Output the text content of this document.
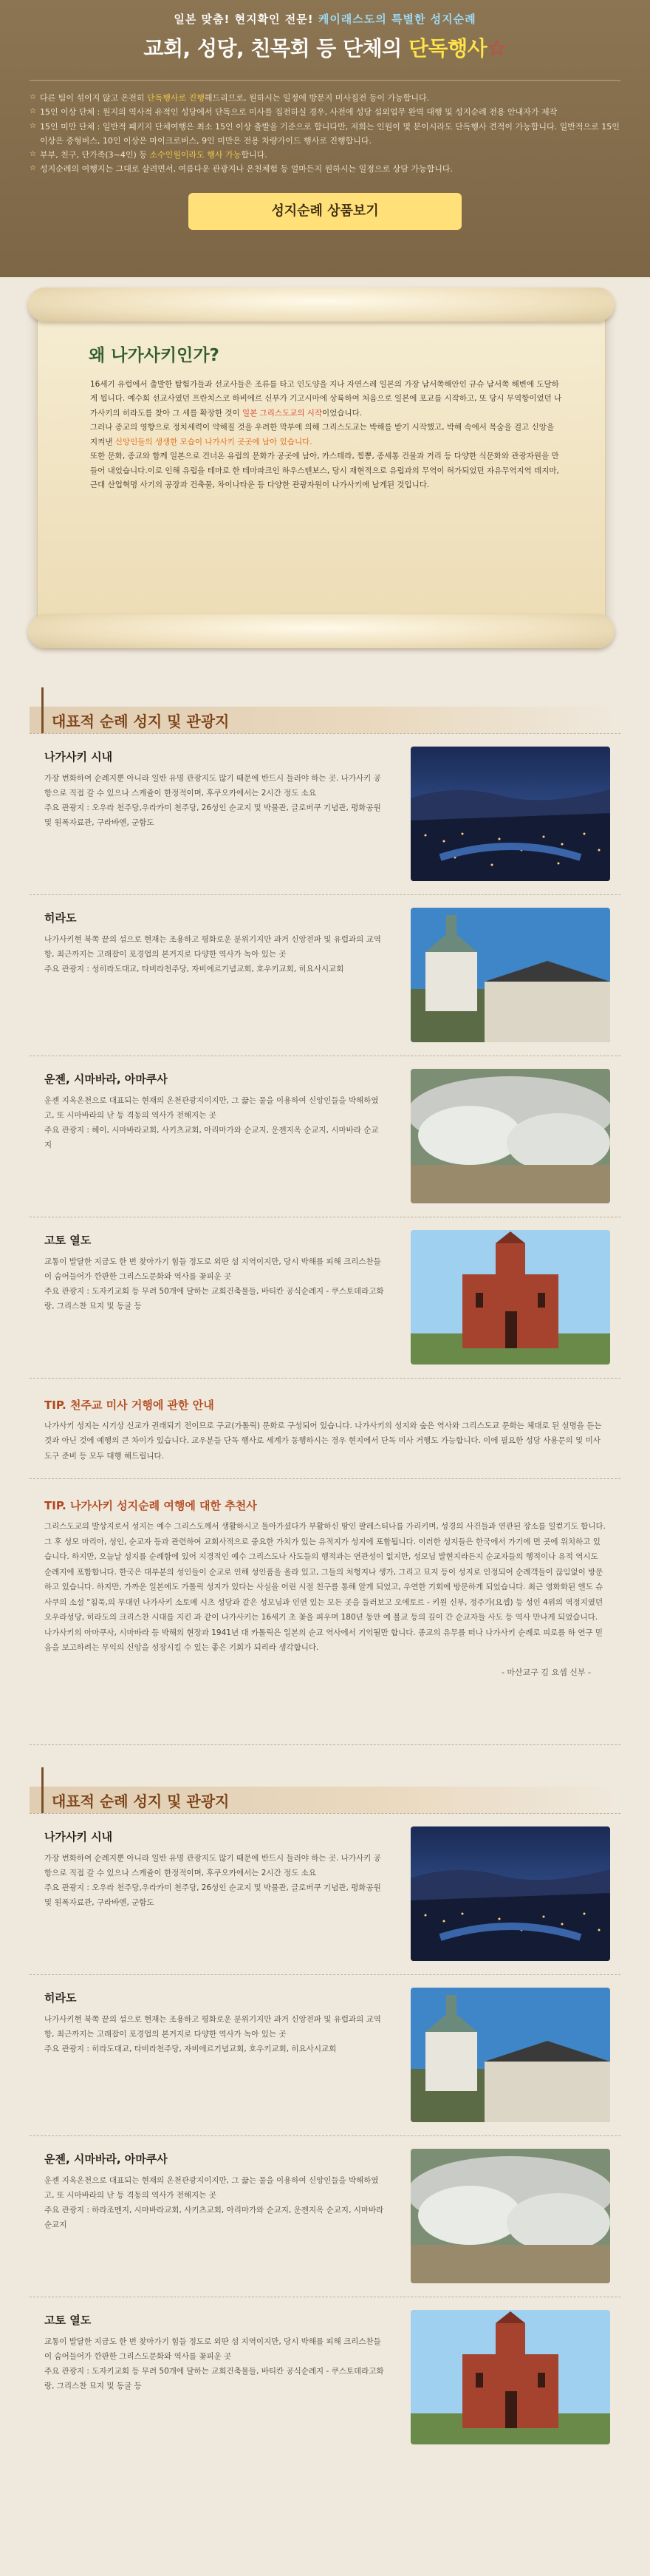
일본 맞춤! 현지확인 전문! 케이래스도의 특별한 성지순례
교회, 성당, 친목회 등 단체의 단독행사☆
☆ 다른 팀이 섞이지 않고 온전히 단독행사로 진행해드리므로, 원하시는 일정에 방문지 미사집전 등이 가능합니다.
☆ 15인 이상 단체 : 원지의 역사적 유적인 성당에서 단독으로 미사를 집전하실 경우, 사전에 성당 섭외업무 완벽 대행 및 성지순례 전용 안내자가 제작
☆ 15인 미만 단체 : 일반적 패키지 단체여행은 최소 15인 이상 출발을 기준으로 합니다만, 저희는 인원이 몇 분이시라도 단독행사 견적이 가능합니다. 일반적으로 15인 이상은 중형버스, 10인 이상은 마이크로버스, 9인 미만은 전용 차량가이드 행사로 진행합니다.
☆ 부부, 친구, 단가족(3~4인) 등 소수인원이라도 행사 가능합니다.
☆ 성지순례의 여행지는 그대로 살려면서, 여름다운 관광지나 온천체험 등 얼마든지 원하시는 일정으로 상담 가능합니다.
성지순례 상품보기
왜 나가사키인가?

16세기 유럽에서 출발한 탐험가들과 선교사들은 조류를 타고 인도양을 지나 자연스레 일본의 가장 남서쪽해안인 규슈 남서쪽 해변에 도달하게 됩니다. 예수회 선교사였던 프란치스코 하비에르 신부가 기고시마에 상륙하여 처음으로 일본에 포교를 시작하고, 또 당시 무역항이었던 나가사키의 히라도를 찾아 그 세를 확장한 것이 일본 그리스도교의 시작이었습니다.

그러나 종교의 영향으로 정치세력이 약해질 것을 우려한 막부에 의해 그리스도교는 박해를 받기 시작했고, 박해 속에서 목숨을 걸고 신앙을 지켜낸 신앙인들의 생생한 모습이 나가사키 곳곳에 남아 있습니다.

또한 문화, 종교와 함께 일본으로 건너온 유럽의 문화가 공곳에 남아, 카스테라, 찜뽕, 종세통 건물과 거리 등 다양한 식문화와 관광자원을 만들어 내었습니다.이로 인해 유럽을 테마로 한 테마파크인 하우스텐보스, 당시 재현적으로 유럽과의 무역이 허가되었던 자유무역지역 데지마, 근대 산업혁명 사기의 공장과 건축물, 차이나타운 등 다양한 관광자원이 나가사키에 남게된 것입니다.

대표적 순례 성지 및 관광지
나가사키 시내
가장 번화하여 순례지뿐 아니라 일반 유명 관광지도 많기 때문에 반드시 들러야 하는 곳. 나가사키 공항으로 직접 갈 수 있으나 스케쥴이 한정적이며, 후쿠오카에서는 2시간 정도 소요
주요 관광지 : 오우라 천주당,우라카미 천주당, 26성인 순교지 및 박물관, 글로버쿠 기념관, 평화공원 및 원폭자료관, 구라바엔, 군함도
히라도
나가사키현 북쪽 끝의 섬으로 현재는 조용하고 평화로운 분위기지만 과거 신앙전파 및 유럽과의 교역항, 최근까지는 고래잡이 포경업의 본거지로 다양한 역사가 녹아 있는 곳
주요 관광지 : 성히라도대교, 타비라천주당, 자비에르기념교회, 호우키교회, 히요사시교회
운젠, 시마바라, 아마쿠사
운젠 지옥온천으로 대표되는 현재의 온천관광지이지만, 그 끓는 물을 이용하여 신앙인들을 박해하였고, 또 시마바라의 난 등 격동의 역사가 전해지는 곳
주요 관광지 : 헤이, 시마바라교회, 사키츠교회, 아리마가와 순교지, 운젠지옥 순교지, 시마바라 순교지
고토 열도
교통이 발달한 지금도 한 번 찾아가기 힘들 정도로 외딴 섬 지역이지만, 당시 박해를 피해 크리스찬들이 숨어들어가 깐판한 그리스도문화와 역사를 꽃피운 곳
주요 관광지 : 도자키교회 등 무려 50개에 달하는 교회건축물들, 바티칸 공식순례지 - 쿠스토데라고화랑, 그리스찬 묘지 및 동굴 등
TIP. 천주교 미사 거행에 관한 안내
나가사키 성지는 시기상 신교가 권래되기 전이므로 구교(가톨릭) 문화로 구성되어 있습니다. 나가사키의 성지와 숲은 역사와 그리스도교 문화는 체대로 된 설명을 듣는 것과 아닌 것에 예행의 큰 차이가 있습니다. 교우분들 단독 행사로 세계가 동행하시는 경우 현지에서 단독 미사 거행도 가능합니다. 이에 필요한 성당 사용문의 및 미사도구 준비 등 모두 대행 해드립니다.
TIP. 나가사키 성지순례 여행에 대한 추천사
그리스도교의 발상지로서 성지는 예수 그리스도께서 생활하시고 돌아가셨다가 부활하신 땅인 팔레스티나를 가리키며, 성경의 사건들과 연관된 장소를 일컫기도 합니다. 그 후 성모 마리아, 성인, 순교자 등과 관련하여 교회사적으로 중요한 가치가 있는 유적지가 성지에 포함됩니다. 이러한 성지들은 한국에서 가기에 먼 곳에 위치하고 있습니다. 하지만, 오늘날 성지를 순례함에 있어 지경적인 예수 그리스도나 사도들의 행적과는 연관성이 없지만, 성모님 발현지라든지 순교자들의 행적이나 유적 역시도 순례지에 포함합니다. 한국은 대부분의 성인들이 순교로 인해 성인품을 올라 있고, 그들의 처형지나 생가, 그리고 묘지 등이 성지로 인정되어 순례객들이 끊임없이 방문하고 있습니다. 하지만, 가까운 일본에도 가톨릭 성지가 있다는 사실을 어린 시절 친구를 통해 알게 되었고, 우연한 기회에 방문하게 되었습니다. 최근 영화화된 엔도 슈사쿠의 소설 "침묵,의 무대인 나가사키 소토메 시츠 성당과 같은 성모님과 인연 있는 모든 곳을 둘러보고 오에토르 - 키원 신부, 정주가(요셉) 등 성인 4위의 역정지였던 오우라성당, 히라도의 크리스찬 시대를 지킨 과 같이 나가사키는 16세기 초 꽃을 피우며 180년 동안 예 불교 등의 깊이 간 순교자들 사도 등 역사 만나게 되었습니다. 나가사키의 아마쿠사, 시마바라 등 박해의 현장과 1941년 대 카톨릭은 일본의 순교 역사에서 기억될만 합니다. 종교의 유무를 떠나 나가사키 순례로 피로를 하 연구 믿음을 보고하려는 무익의 신앙을 성장시킬 수 있는 좋은 기회가 되리라 생각합니다.
- 마산교구 김 요셉 신부 -
대표적 순례 성지 및 관광지
나가사키 시내
가장 번화하여 순례지뿐 아니라 일반 유명 관광지도 많기 때문에 반드시 들러야 하는 곳. 나가사키 공항으로 직접 갈 수 있으나 스케쥴이 한정적이며, 후쿠오카에서는 2시간 정도 소요
주요 관광지 : 오우라 천주당,우라카미 천주당, 26성인 순교지 및 박물관, 글로버쿠 기념관, 평화공원 및 원폭자료관, 구라바엔, 군함도
히라도
나가사키현 북쪽 끝의 섬으로 현재는 조용하고 평화로운 분위기지만 과거 신앙전파 및 유럽과의 교역항, 최근까지는 고래잡이 포경업의 본거지로 다양한 역사가 녹아 있는 곳
주요 관광지 : 히라도대교, 타비라천주당, 자비에르기념교회, 호우키교회, 히요사시교회
운젠, 시마바라, 아마쿠사
운젠 지옥온천으로 대표되는 현재의 온천관광지이지만, 그 끓는 물을 이용하여 신앙인들을 박해하였고, 또 시마바라의 난 등 격동의 역사가 전해지는 곳
주요 관광지 : 하라조멘지, 시마바라교회, 사키츠교회, 아리마가와 순교지, 운젠지옥 순교지, 시마바라 순교지
고토 열도
교통이 발달한 지금도 한 번 찾아가기 힘들 정도로 외딴 섬 지역이지만, 당시 박해를 피해 크리스찬들이 숨어들어가 깐판한 그리스도문화와 역사를 꽃피운 곳
주요 관광지 : 도자키교회 등 무려 50개에 달하는 교회건축물들, 바티칸 공식순례지 - 쿠스토데라고화랑, 그리스찬 묘지 및 동굴 등
